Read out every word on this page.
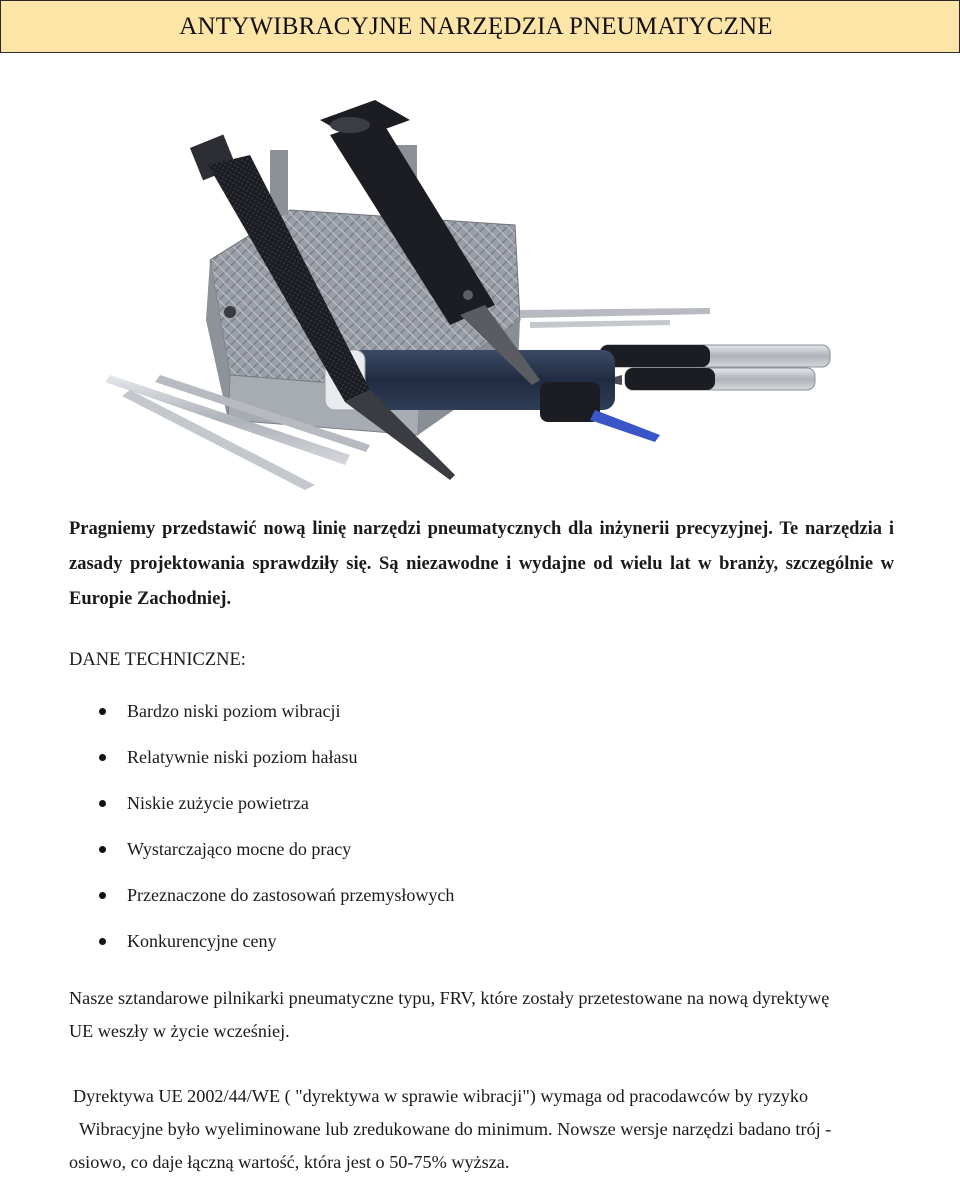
ANTYWIBRACYJNE NARZĘDZIA PNEUMATYCZNE
Pragniemy przedstawić nową linię narzędzi pneumatycznych dla inżynerii precyzyjnej. Te narzędzia i zasady projektowania sprawdziły się. Są niezawodne i wydajne od wielu lat w branży, szczególnie w Europie Zachodniej.
DANE TECHNICZNE:
Bardzo niski poziom wibracji
Relatywnie niski poziom hałasu
Niskie zużycie powietrza
Wystarczająco mocne do pracy
Przeznaczone do zastosowań przemysłowych
Konkurencyjne ceny
Nasze sztandarowe pilnikarki pneumatyczne typu, FRV, które zostały przetestowane na nową dyrektywę
UE weszły w życie wcześniej.
Dyrektywa UE 2002/44/WE ( "dyrektywa w sprawie wibracji") wymaga od pracodawców by ryzyko
Wibracyjne było wyeliminowane lub zredukowane do minimum. Nowsze wersje narzędzi badano trój -
osiowo, co daje łączną wartość, która jest o 50-75% wyższa.
